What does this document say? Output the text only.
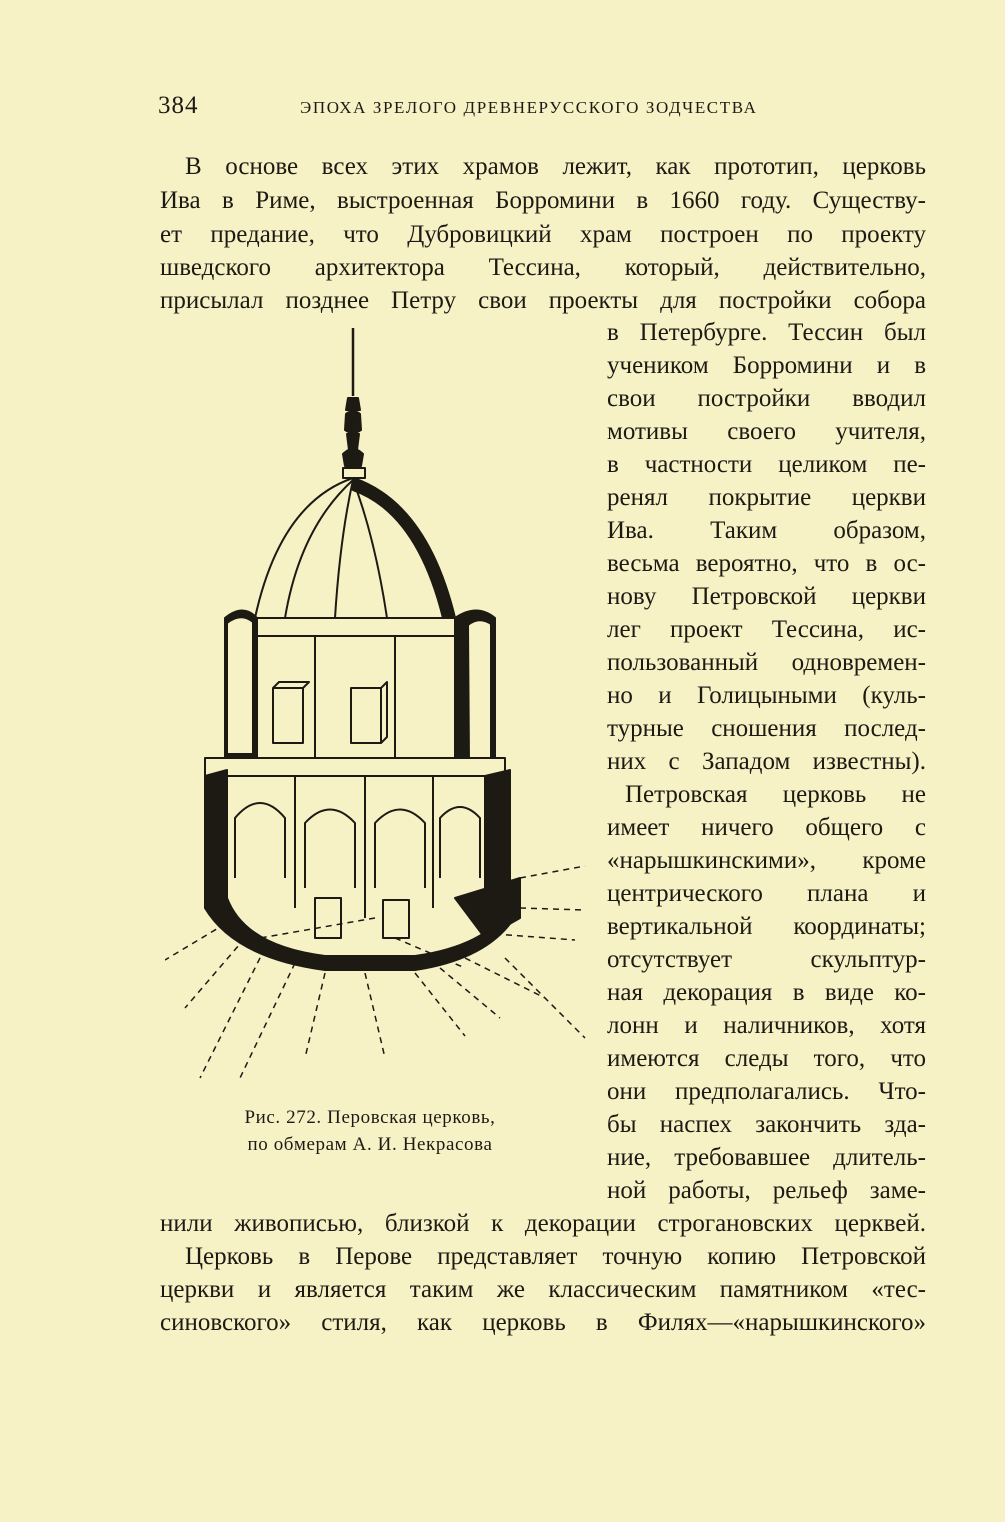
384	ЭПОХА ЗРЕЛОГО ДРЕВНЕРУССКОГО ЗОДЧЕСТВА
В основе всех этих храмов лежит, как прототип, церковь
Ива в Риме, выстроенная Борромини в 1660 году. Существу-
ет предание, что Дубровицкий храм построен по проекту
шведского архитектора Тессина, который, действительно,
присылал позднее Петру свои проекты для постройки собора
в Петербурге. Тессин был
учеником Борромини и в
свои постройки вводил
мотивы своего учителя,
в частности целиком пе-
ренял покрытие церкви
Ива. Таким образом,
весьма вероятно, что в ос-
нову Петровской церкви
лег проект Тессина, ис-
пользованный одновремен-
но и Голицыными (куль-
турные сношения послед-
них с Западом известны).
Петровская церковь не
имеет ничего общего с
«нарышкинскими», кроме
центрического плана и
вертикальной координаты;
отсутствует скульптур-
ная декорация в виде ко-
лонн и наличников, хотя
имеются следы того, что
они предполагались. Что-
бы наспех закончить зда-
ние, требовавшее длитель-
ной работы, рельеф заме-
нили живописью, близкой к декорации строгановских церквей.
Церковь в Перове представляет точную копию Петровской
церкви и является таким же классическим памятником «тес-
синовского» стиля, как церковь в Филях—«нарышкинского»
Рис. 272. Перовская церковь,
по обмерам А. И. Некрасова
